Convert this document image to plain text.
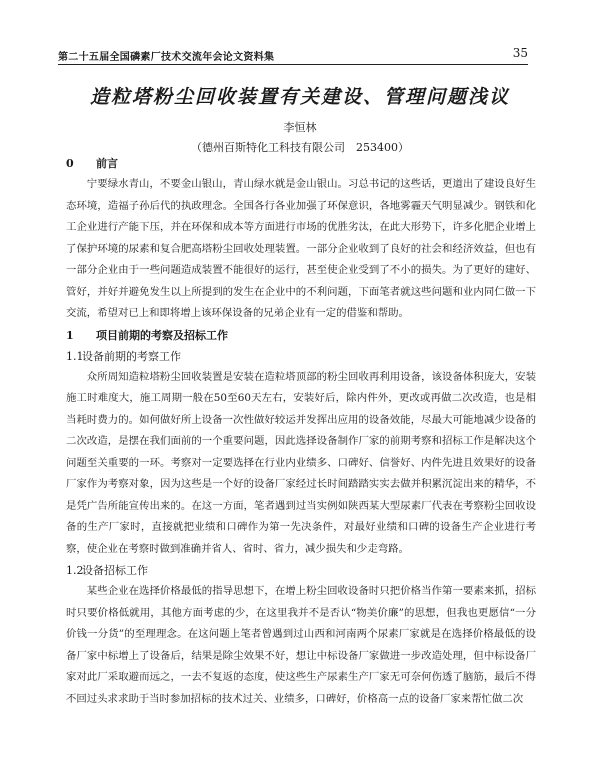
第二十五届全国磷素厂技术交流年会论文资料集	35
造粒塔粉尘回收装置有关建设、管理问题浅议
李恒林
（德州百斯特化工科技有限公司　253400）

0 前言

宁要绿水青山，不要金山银山，青山绿水就是金山银山。习总书记的这些话，更道出了建设良好生态环境，造福子孙后代的执政理念。全国各行各业加强了环保意识，各地雾霾天气明显减少。钢铁和化工企业进行产能下压，并在环保和成本等方面进行市场的优胜劣汰，在此大形势下，许多化肥企业增上了保护环境的尿素和复合肥高塔粉尘回收处理装置。一部分企业收到了良好的社会和经济效益，但也有一部分企业由于一些问题造成装置不能很好的运行，甚至使企业受到了不小的损失。为了更好的建好、管好，并好并避免发生以上所提到的发生在企业中的不利问题，下面笔者就这些问题和业内同仁做一下交流，希望对已上和即将增上该环保设备的兄弟企业有一定的借鉴和帮助。

1 项目前期的考察及招标工作

1.1设备前期的考察工作

众所周知造粒塔粉尘回收装置是安装在造粒塔顶部的粉尘回收再利用设备，该设备体积庞大，安装施工时难度大，施工周期一般在50至60天左右，安装好后，除内件外，更改或再做二次改造，也是相当耗时费力的。如何做好所上设备一次性做好较运并发挥出应用的设备效能，尽最大可能地减少设备的二次改造，是摆在我们面前的一个重要问题，因此选择设备制作厂家的前期考察和招标工作是解决这个问题至关重要的一环。考察对一定要选择在行业内业绩多、口碑好、信誉好、内件先进且效果好的设备厂家作为考察对象，因为这些是一个好的设备厂家经过长时间踏踏实实去做并积累沉淀出来的精华，不是凭广告所能宣传出来的。在这一方面，笔者遇到过当实例如陕西某大型尿素厂代表在考察粉尘回收设备的生产厂家时，直接就把业绩和口碑作为第一先决条件，对最好业绩和口碑的设备生产企业进行考察，使企业在考察时做到准确并省人、省时、省力，减少损失和少走弯路。

1.2设备招标工作

某些企业在选择价格最低的指导思想下，在增上粉尘回收设备时只把价格当作第一要素来抓，招标时只要价格低就用，其他方面考虑的少，在这里我并不是否认“物美价廉”的思想，但我也更愿信“一分价钱一分货”的至理理念。在这问题上笔者曾遇到过山西和河南两个尿素厂家就是在选择价格最低的设备厂家中标增上了设备后，结果是除尘效果不好，想让中标设备厂家做进一步改造处理，但中标设备厂家对此厂采取避而远之，一去不复返的态度，使这些生产尿素生产厂家无可奈何伤透了脑筋，最后不得不回过头求求助于当时参加招标的技术过关、业绩多，口碑好，价格高一点的设备厂家来帮忙做二次
